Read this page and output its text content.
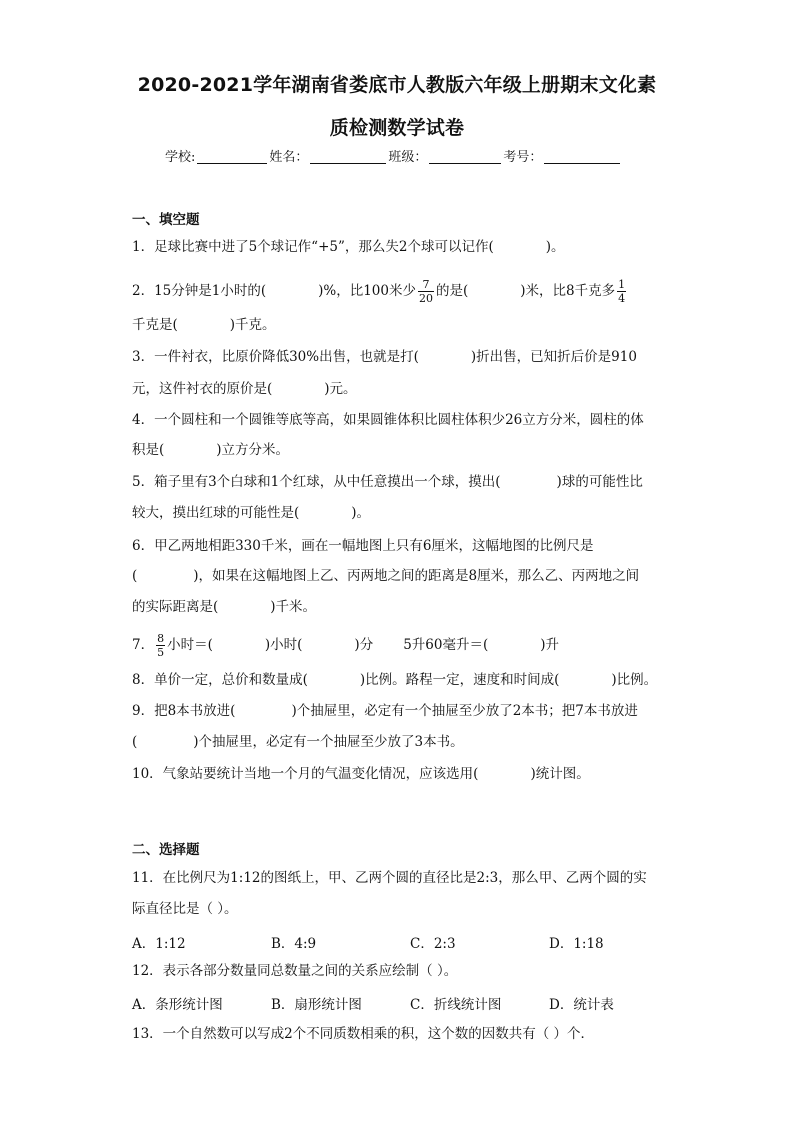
2020-2021学年湖南省娄底市人教版六年级上册期末文化素
质检测数学试卷
学校:	姓名：	班级：	考号：
一、填空题
1．足球比赛中进了5个球记作“+5”，那么失2个球可以记作(	)。
2．15分钟是1小时的(	)%，比100米少 $\frac{7}{20}$ 的是(	)米，比8千克多 $\frac{1}{4}$
千克是(	)千克。
3．一件衬衣，比原价降低30%出售，也就是打(	)折出售，已知折后价是910
元，这件衬衣的原价是(	)元。
4．一个圆柱和一个圆锥等底等高，如果圆锥体积比圆柱体积少26立方分米，圆柱的体
积是(	)立方分米。
5．箱子里有3个白球和1个红球，从中任意摸出一个球，摸出(	)球的可能性比
较大，摸出红球的可能性是(	)。
6．甲乙两地相距330千米，画在一幅地图上只有6厘米，这幅地图的比例尺是
(	)，如果在这幅地图上乙、丙两地之间的距离是8厘米，那么乙、丙两地之间
的实际距离是(	)千米。
7． $\frac{8}{5}$ 小时＝(	)小时(	)分 5升60毫升＝(	)升
8．单价一定，总价和数量成(	)比例。路程一定，速度和时间成(	)比例。
9．把8本书放进(	)个抽屉里，必定有一个抽屉至少放了2本书；把7本书放进
(	)个抽屉里，必定有一个抽屉至少放了3本书。
10．气象站要统计当地一个月的气温变化情况，应该选用(	)统计图。
二、选择题
11．在比例尺为1:12的图纸上，甲、乙两个圆的直径比是2:3，那么甲、乙两个圆的实
际直径比是（ ）。
A．1:12	B．4:9	C．2:3	D．1:18
12．表示各部分数量同总数量之间的关系应绘制（ ）。
A．条形统计图	B．扇形统计图	C．折线统计图	D．统计表
13．一个自然数可以写成2个不同质数相乘的积，这个数的因数共有（ ）个．
